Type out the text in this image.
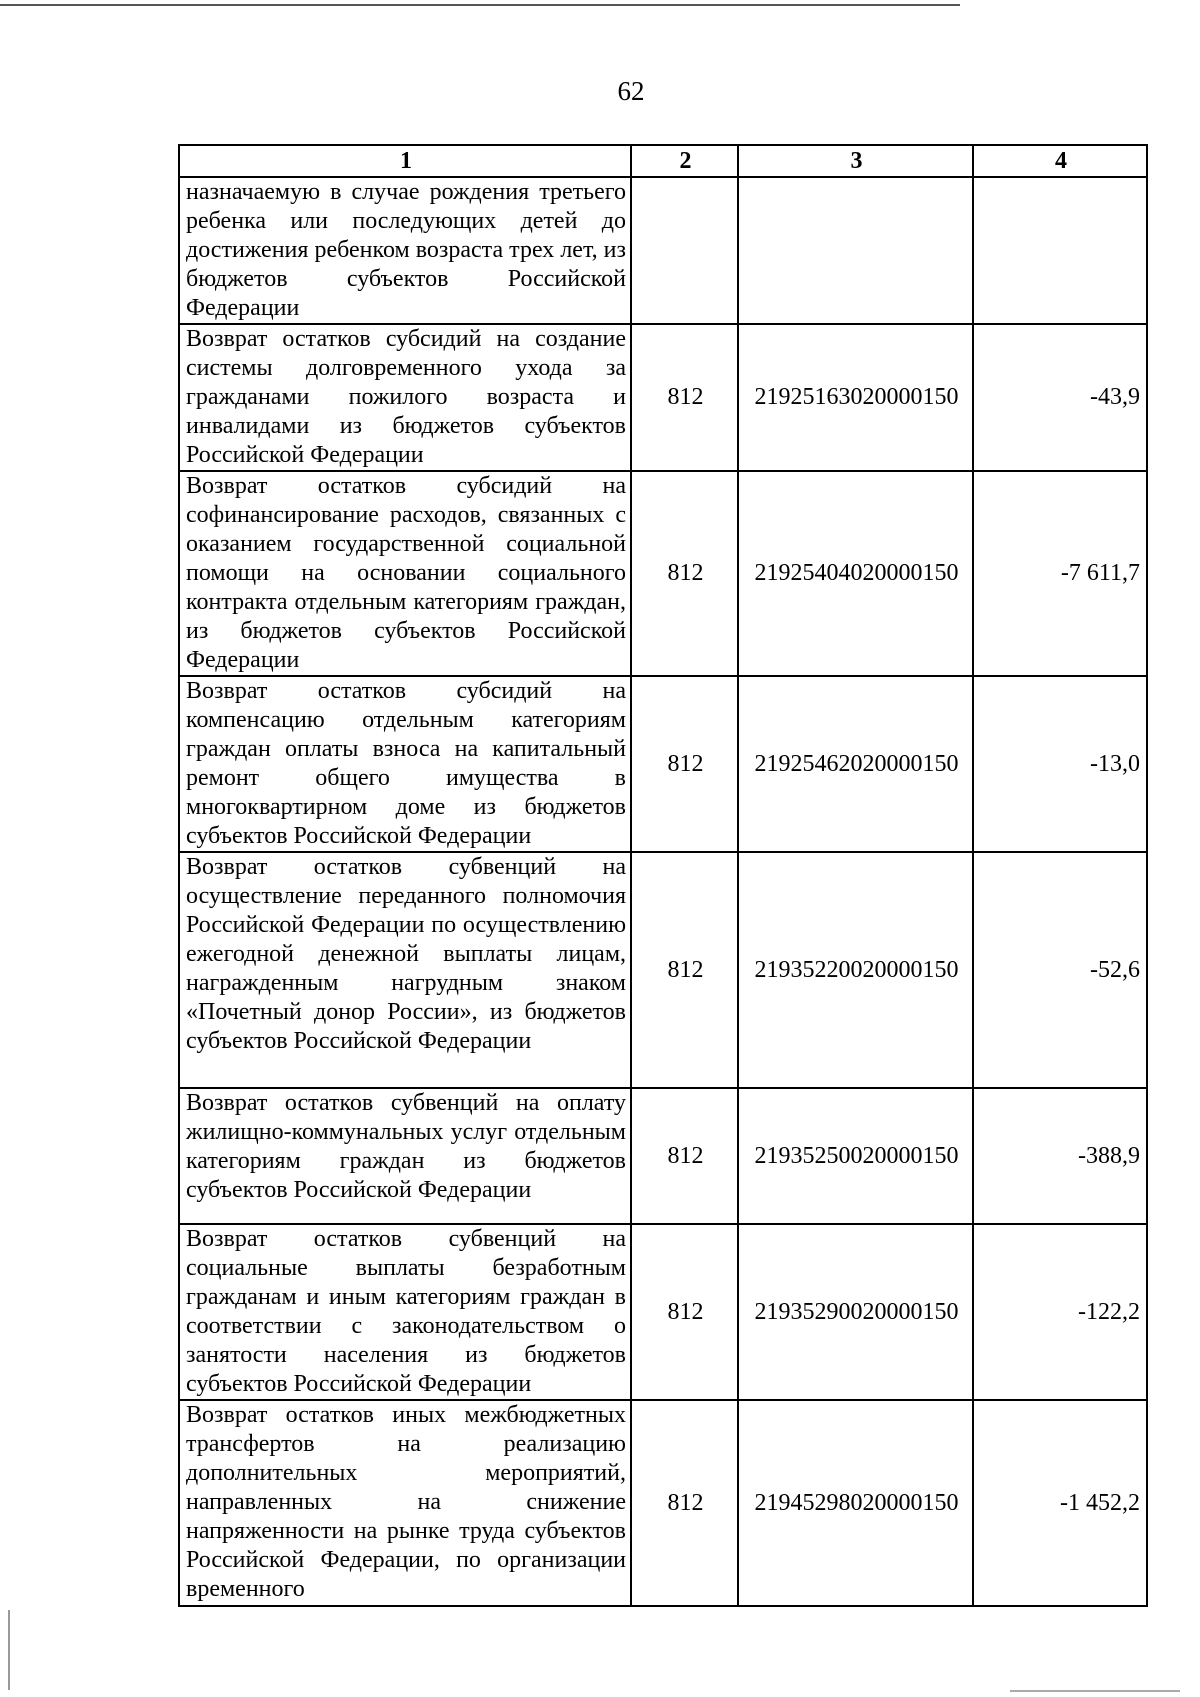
62
1	2	3	4
назначаемую в случае рождения третьего ребенка или последующих детей до достижения ребенком возраста трех лет, из бюджетов субъектов Российской Федерации			
Возврат остатков субсидий на создание системы долговременного ухода за гражданами пожилого возраста и инвалидами из бюджетов субъектов Российской Федерации	812	21925163020000150	-43,9
Возврат остатков субсидий на софинансирование расходов, связанных с оказанием государственной социальной помощи на основании социального контракта отдельным категориям граждан, из бюджетов субъектов Российской Федерации	812	21925404020000150	-7 611,7
Возврат остатков субсидий на компенсацию отдельным категориям граждан оплаты взноса на капитальный ремонт общего имущества в многоквартирном доме из бюджетов субъектов Российской Федерации	812	21925462020000150	-13,0
Возврат остатков субвенций на осуществление переданного полномочия Российской Федерации по осуществлению ежегодной денежной выплаты лицам, награжденным нагрудным знаком «Почетный донор России», из бюджетов субъектов Российской Федерации	812	21935220020000150	-52,6
Возврат остатков субвенций на оплату жилищно-коммунальных услуг отдельным категориям граждан из бюджетов субъектов Российской Федерации	812	21935250020000150	-388,9
Возврат остатков субвенций на социальные выплаты безработным гражданам и иным категориям граждан в соответствии с законодательством о занятости населения из бюджетов субъектов Российской Федерации	812	21935290020000150	-122,2
Возврат остатков иных межбюджетных трансфертов на реализацию дополнительных мероприятий, направленных на снижение напряженности на рынке труда субъектов Российской Федерации, по организации временного	812	21945298020000150	-1 452,2
